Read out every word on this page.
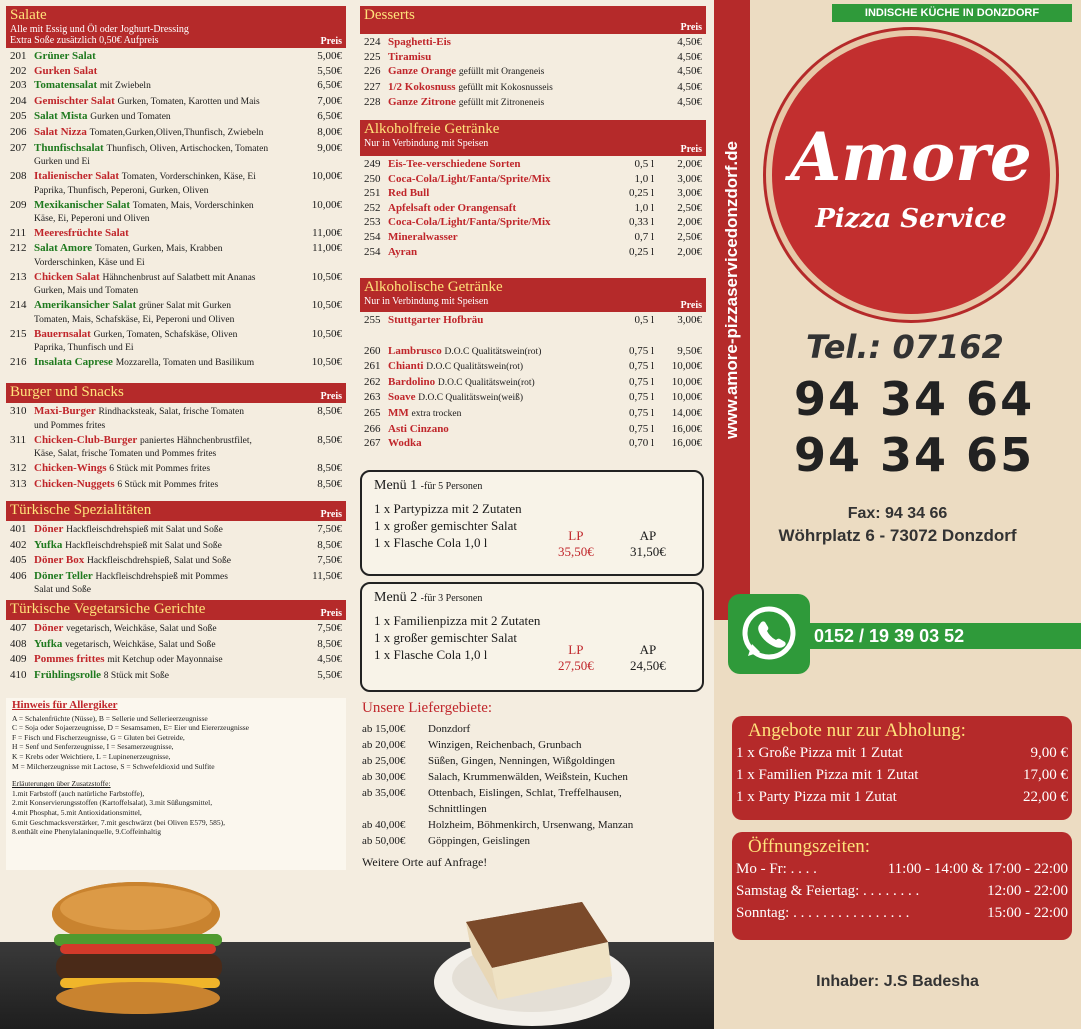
Salate
Alle mit Essig und Öl oder Joghurt-Dressing
Extra Soße zusätzlich 0,50€ Aufpreis	Preis
201 Grüner Salat	5,00€
202 Gurken Salat	5,50€
203 Tomatensalat mit Zwiebeln	6,50€
204 Gemischter Salat Gurken, Tomaten, Karotten und Mais	7,00€
205 Salat Mista Gurken und Tomaten	6,50€
206 Salat Nizza Tomaten,Gurken,Oliven,Thunfisch, Zwiebeln	8,00€
207 Thunfischsalat Thunfisch, Oliven, Artischocken, Tomaten	9,00€
Gurken und Ei
208 Italienischer Salat Tomaten, Vorderschinken, Käse, Ei	10,00€
Paprika, Thunfisch, Peperoni, Gurken, Oliven
209 Mexikanischer Salat Tomaten, Mais, Vorderschinken	10,00€
Käse, Ei, Peperoni und Oliven
211 Meeresfrüchte Salat	11,00€
212 Salat Amore Tomaten, Gurken, Mais, Krabben	11,00€
Vorderschinken, Käse und Ei
213 Chicken Salat Hähnchenbrust auf Salatbett mit Ananas	10,50€
Gurken, Mais und Tomaten
214 Amerikansicher Salat grüner Salat mit Gurken	10,50€
Tomaten, Mais, Schafskäse, Ei, Peperoni und Oliven
215 Bauernsalat Gurken, Tomaten, Schafskäse, Oliven	10,50€
Paprika, Thunfisch und Ei
216 Insalata Caprese Mozzarella, Tomaten und Basilikum	10,50€
Burger und Snacks	Preis
310 Maxi-Burger Rindhacksteak, Salat, frische Tomaten	8,50€
und Pommes frites
311 Chicken-Club-Burger paniertes Hähnchenbrustfilet,	8,50€
Käse, Salat, frische Tomaten und Pommes frites
312 Chicken-Wings 6 Stück mit Pommes frites	8,50€
313 Chicken-Nuggets 6 Stück mit Pommes frites	8,50€
Türkische Spezialitäten	Preis
401 Döner Hackfleischdrehspieß mit Salat und Soße	7,50€
402 Yufka Hackfleischdrehspieß mit Salat und Soße	8,50€
405 Döner Box Hackfleischdrehspieß, Salat und Soße	7,50€
406 Döner Teller Hackfleischdrehspieß mit Pommes	11,50€
Salat und Soße
Türkische Vegetarsiche Gerichte	Preis
407 Döner vegetarisch, Weichkäse, Salat und Soße	7,50€
408 Yufka vegetarisch, Weichkäse, Salat und Soße	8,50€
409 Pommes frittes mit Ketchup oder Mayonnaise	4,50€
410 Frühlingsrolle 8 Stück mit Soße	5,50€
Hinweis für Allergiker
A = Schalenfrüchte (Nüsse), B = Sellerie und Sellerieerzeugnisse
C = Soja oder Sojaerzeugnisse, D = Sesamsamen, E= Eier und Eiererzeugnisse
F = Fisch und Fischerzeugnisse, G = Gluten bei Getreide,
H = Senf und Senferzeugnisse, I = Sesamerzeugnisse,
K = Krebs oder Weichtiere, L = Lupinenerzeugnisse,
M = Milcherzeugnisse mit Lactose, S = Schwefeldioxid und Sulfite
Erläuterungen über Zusatzstoffe:
1.mit Farbstoff (auch natürliche Farbstoffe),
2.mit Konservierungsstoffen (Kartoffelsalat), 3.mit Süßungsmittel,
4.mit Phosphat, 5.mit Antioxidationsmittel,
6.mit Geschmacksverstärker, 7.mit geschwärzt (bei Oliven E579, 585),
8.enthält eine Phenylalaninquelle, 9.Coffeinhaltig
Desserts
Preis
224 Spaghetti-Eis	4,50€
225 Tiramisu	4,50€
226 Ganze Orange gefüllt mit Orangeneis	4,50€
227 1/2 Kokosnuss gefüllt mit Kokosnusseis	4,50€
228 Ganze Zitrone gefüllt mit Zitroneneis	4,50€
Alkoholfreie Getränke
Nur in Verbindung mit Speisen
Preis
249 Eis-Tee-verschiedene Sorten	0,5 l	2,00€
250 Coca-Cola/Light/Fanta/Sprite/Mix	1,0 l	3,00€
251 Red Bull	0,25 l	3,00€
252 Apfelsaft oder Orangensaft	1,0 l	2,50€
253 Coca-Cola/Light/Fanta/Sprite/Mix	0,33 l	2,00€
254 Mineralwasser	0,7 l	2,50€
254 Ayran	0,25 l	2,00€
Alkoholische Getränke
Nur in Verbindung mit Speisen	Preis
255 Stuttgarter Hofbräu	0,5 l	3,00€
260 Lambrusco D.O.C Qualitätswein(rot)	0,75 l	9,50€
261 Chianti D.O.C Qualitätswein(rot)	0,75 l	10,00€
262 Bardolino D.O.C Qualitätswein(rot)	0,75 l	10,00€
263 Soave D.O.C Qualitätswein(weiß)	0,75 l	10,00€
265 MM extra trocken	0,75 l	14,00€
266 Asti Cinzano	0,75 l	16,00€
267 Wodka	0,70 l	16,00€
Menü 1 -für 5 Personen
1 x Partypizza mit 2 Zutaten
1 x großer gemischter Salat
1 x Flasche Cola 1,0 l	LP
35,50€
AP
31,50€
Menü 2 -für 3 Personen
1 x Familienpizza mit 2 Zutaten
1 x großer gemischter Salat
1 x Flasche Cola 1,0 l	LP
27,50€
AP
24,50€
Unsere Liefergebiete:
ab 15,00€	Donzdorf
ab 20,00€	Winzigen, Reichenbach, Grunbach
ab 25,00€	Süßen, Gingen, Nenningen, Wißgoldingen
ab 30,00€	Salach, Krummenwälden, Weißstein, Kuchen
ab 35,00€	Ottenbach, Eislingen, Schlat, Treffelhausen,
Schnittlingen
ab 40,00€	Holzheim, Böhmenkirch, Ursenwang, Manzan
ab 50,00€	Göppingen, Geislingen
Weitere Orte auf Anfrage!
www.amore-pizzaservicedonzdorf.de
INDISCHE KÜCHE IN DONZDORF
Amore
Pizza Service
Tel.: 07162
94 34 64
94 34 65
Fax: 94 34 66
Wöhrplatz 6 - 73072 Donzdorf
0152 / 19 39 03 52
Angebote nur zur Abholung:
1 x Große Pizza mit 1 Zutat	9,00 €
1 x Familien Pizza mit 1 Zutat	17,00 €
1 x Party Pizza mit 1 Zutat	22,00 €
Öffnungszeiten:
Mo - Fr: . . . .	11:00 - 14:00 & 17:00 - 22:00
Samstag & Feiertag: . . . . . . . .	12:00 - 22:00
Sonntag: . . . . . . . . . . . . . . . .	15:00 - 22:00
Inhaber: J.S Badesha
